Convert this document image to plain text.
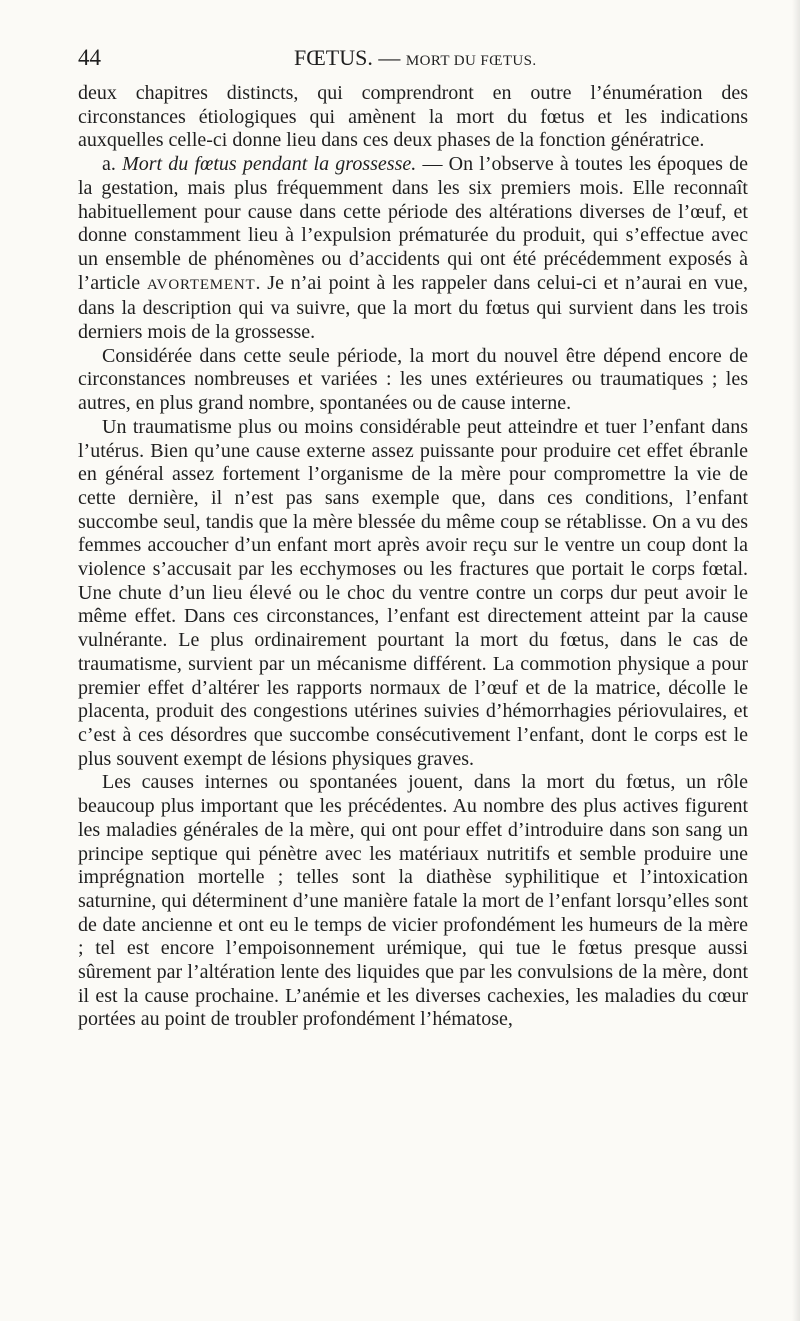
44	FŒTUS. — MORT DU FŒTUS.

deux chapitres distincts, qui comprendront en outre l’énumération des circonstances étiologiques qui amènent la mort du fœtus et les indications auxquelles celle-ci donne lieu dans ces deux phases de la fonction génératrice.

a. Mort du fœtus pendant la grossesse. — On l’observe à toutes les époques de la gestation, mais plus fréquemment dans les six premiers mois. Elle reconnaît habituellement pour cause dans cette période des altérations diverses de l’œuf, et donne constamment lieu à l’expulsion prématurée du produit, qui s’effectue avec un ensemble de phénomènes ou d’accidents qui ont été précédemment exposés à l’article AVORTEMENT. Je n’ai point à les rappeler dans celui-ci et n’aurai en vue, dans la description qui va suivre, que la mort du fœtus qui survient dans les trois derniers mois de la grossesse.

Considérée dans cette seule période, la mort du nouvel être dépend encore de circonstances nombreuses et variées : les unes extérieures ou traumatiques ; les autres, en plus grand nombre, spontanées ou de cause interne.

Un traumatisme plus ou moins considérable peut atteindre et tuer l’enfant dans l’utérus. Bien qu’une cause externe assez puissante pour produire cet effet ébranle en général assez fortement l’organisme de la mère pour compromettre la vie de cette dernière, il n’est pas sans exemple que, dans ces conditions, l’enfant succombe seul, tandis que la mère blessée du même coup se rétablisse. On a vu des femmes accoucher d’un enfant mort après avoir reçu sur le ventre un coup dont la violence s’accusait par les ecchymoses ou les fractures que portait le corps fœtal. Une chute d’un lieu élevé ou le choc du ventre contre un corps dur peut avoir le même effet. Dans ces circonstances, l’enfant est directement atteint par la cause vulnérante. Le plus ordinairement pourtant la mort du fœtus, dans le cas de traumatisme, survient par un mécanisme différent. La commotion physique a pour premier effet d’altérer les rapports normaux de l’œuf et de la matrice, décolle le placenta, produit des congestions utérines suivies d’hémorrhagies périovulaires, et c’est à ces désordres que succombe consécutivement l’enfant, dont le corps est le plus souvent exempt de lésions physiques graves.

Les causes internes ou spontanées jouent, dans la mort du fœtus, un rôle beaucoup plus important que les précédentes. Au nombre des plus actives figurent les maladies générales de la mère, qui ont pour effet d’introduire dans son sang un principe septique qui pénètre avec les matériaux nutritifs et semble produire une imprégnation mortelle ; telles sont la diathèse syphilitique et l’intoxication saturnine, qui déterminent d’une manière fatale la mort de l’enfant lorsqu’elles sont de date ancienne et ont eu le temps de vicier profondément les humeurs de la mère ; tel est encore l’empoisonnement urémique, qui tue le fœtus presque aussi sûrement par l’altération lente des liquides que par les convulsions de la mère, dont il est la cause prochaine. L’anémie et les diverses cachexies, les maladies du cœur portées au point de troubler profondément l’hématose,
